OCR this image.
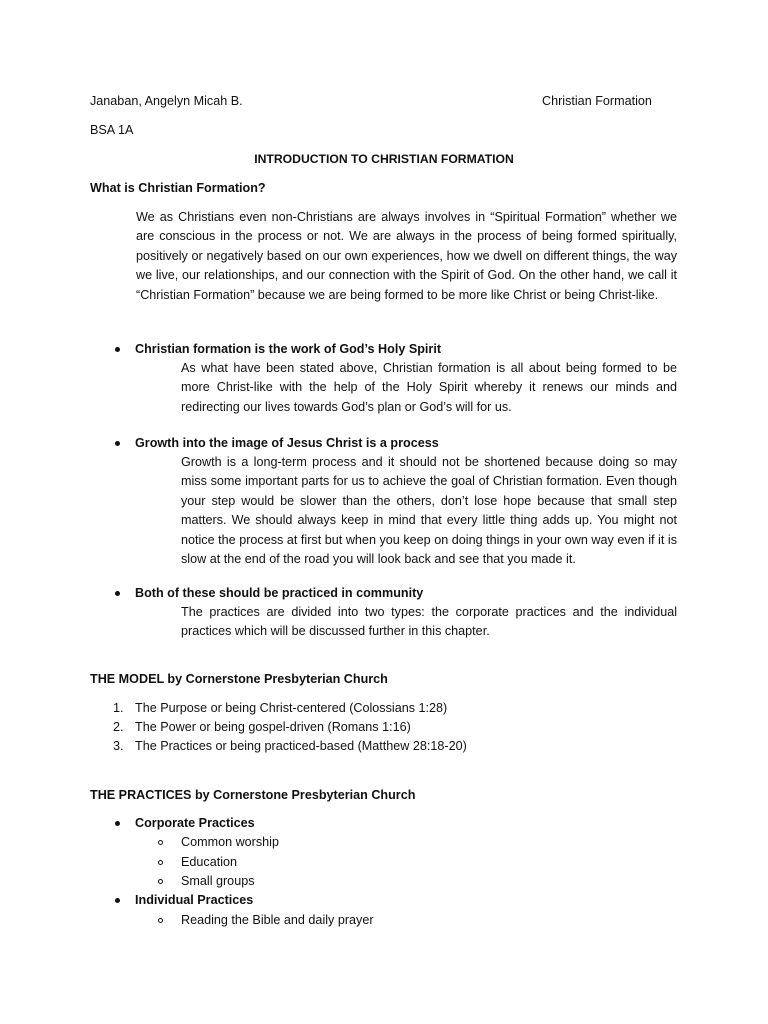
Janaban, Angelyn Micah B.	Christian Formation
BSA 1A
INTRODUCTION TO CHRISTIAN FORMATION
What is Christian Formation?
We as Christians even non-Christians are always involves in “Spiritual Formation” whether we are conscious in the process or not. We are always in the process of being formed spiritually, positively or negatively based on our own experiences, how we dwell on different things, the way we live, our relationships, and our connection with the Spirit of God. On the other hand, we call it “Christian Formation” because we are being formed to be more like Christ or being Christ-like.
Christian formation is the work of God’s Holy Spirit
As what have been stated above, Christian formation is all about being formed to be more Christ-like with the help of the Holy Spirit whereby it renews our minds and redirecting our lives towards God’s plan or God’s will for us.
Growth into the image of Jesus Christ is a process
Growth is a long-term process and it should not be shortened because doing so may miss some important parts for us to achieve the goal of Christian formation. Even though your step would be slower than the others, don’t lose hope because that small step matters. We should always keep in mind that every little thing adds up. You might not notice the process at first but when you keep on doing things in your own way even if it is slow at the end of the road you will look back and see that you made it.
Both of these should be practiced in community
The practices are divided into two types: the corporate practices and the individual practices which will be discussed further in this chapter.
THE MODEL by Cornerstone Presbyterian Church
1. The Purpose or being Christ-centered (Colossians 1:28)
2. The Power or being gospel-driven (Romans 1:16)
3. The Practices or being practiced-based (Matthew 28:18-20)
THE PRACTICES by Cornerstone Presbyterian Church
Corporate Practices
Common worship
Education
Small groups
Individual Practices
Reading the Bible and daily prayer
